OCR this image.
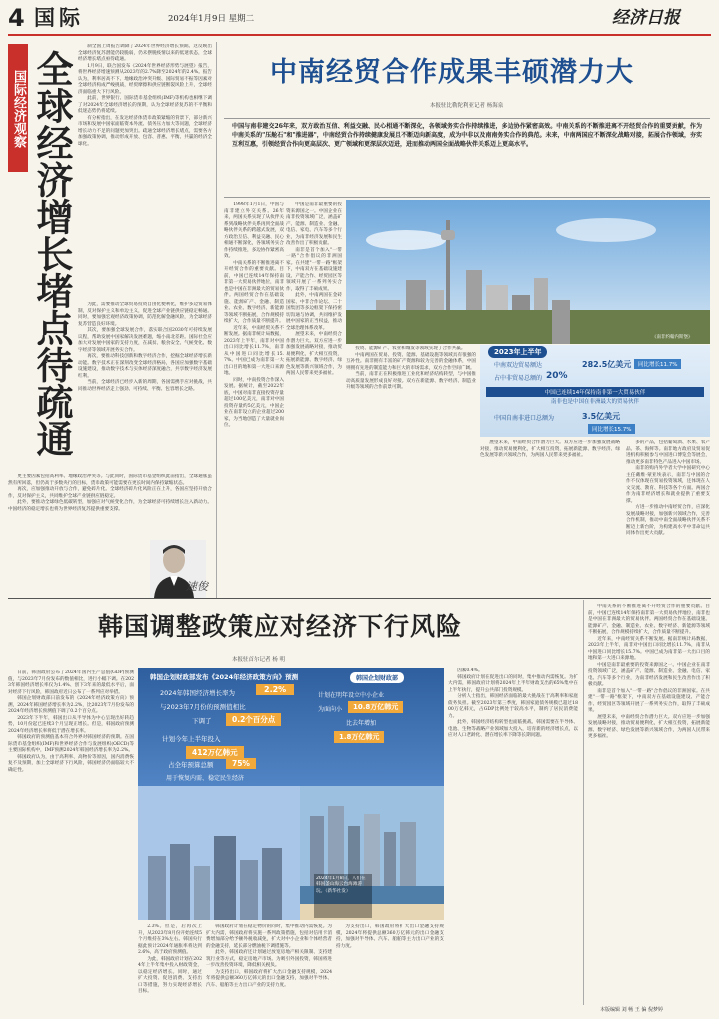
4 国际	2024年1月9日 星期二	经济日报
国际经济观察 全球经济增长堵点待疏通

制全国上周报告调降了2024年世界经济增长预期。这反映出全球经济复苏潜能仍较脆弱，仍未摆脱疫情以来的低迷状态，全球经济增长堵点亟待疏通。

1月9日，联合国发布《2024年世界经济形势与展望》报告，将世界经济增速预测从2023年的2.7%降至2024年的2.4%。报告认为，利率居高不下、地缘政治冲突升级、国际贸易不振等因素对全球经济构成严峻挑战，经贸摩擦和供应链断裂风险上升，全球经济面临重大下行风险。

此前，世界银行、国际货币基金组织(IMF)等机构也相继下调了对2024年全球经济增长的预期，认为全球经济复苏的不平衡和低迷态势仍将延续。

有分析指出，在发达经济体货币政策紧缩的背景下，部分新兴市场和发展中国家面临资本外流、债务压力加大等问题，全球经济增长动力不足的问题更加突出。疏通全球经济增长堵点，需要各方加强政策协调，推动形成开放、包容、普惠、平衡、共赢的经济全球化。

为此，需要推动全球贸易投资自由化便利化，维护多边贸易体制，反对保护主义和单边主义，促进全球产业链供应链稳定畅通。同时，要加强宏观经济政策协调，防范化解金融风险，为全球经济复苏营造良好环境。

其次，要加强全球发展合作，落实联合国2030年可持续发展议程，帮助发展中国家解决发展难题，缩小南北差距。国际社会应加大对发展中国家的支持力度，在减贫、粮食安全、气候变化、数字经济等领域开展务实合作。

再次，要推动科技创新和数字经济合作，挖掘全球经济增长新动能。数字技术正在深刻改变全球经济格局，各国应加强数字基础设施建设，推动数字技术与实体经济深度融合，共享数字经济发展红利。

当前，全球经济已经步入新的周期，各国需携手应对挑战，共同推动世界经济走上强劲、可持续、平衡、包容增长之路。

更主要因素包括高利率、地缘政治冲突等。与此同时，国际货币基金组织此前指出，全球通胀虽然有所回落，但仍高于多数央行的目标，货币政策可能需要在更长时间内保持紧缩状态。

再次，应加强推动开放与合作，避免碎片化。全球经济碎片化风险正在上升，各国应坚持开放合作，反对保护主义，共同维护全球产业链供应链稳定。

此外，要推动全球绿色低碳转型，加强应对气候变化合作，为全球经济可持续增长注入新动力。中国经济的稳定增长也将为世界经济复苏提供重要支撑。

速俊
中南经贸合作成果丰硕潜力大
本报驻比勒陀利亚记者 杨海泉
中国与南非建交26年来，双方政治互信、利益交融、民心相通不断深化，各领域务实合作持续推进，多边协作紧密高效。中南关系的不断推进离不开经贸合作的重要贡献，作为中南关系的"压舱石"和"推进器"，中南经贸合作持续健康发展且不断迈向新高度，成为中非以及南南务实合作的典范。未来，中南两国应不断深化战略对接，拓展合作领域，夯实互利互惠，引领经贸合作向更高层次、更广领域和更深层次迈进，进而推动两国全面战略伙伴关系迈上更高水平。

1998年1月1日，中国与南非建立外交关系。26年来，两国关系实现了从伙伴关系到战略伙伴关系再到全面战略伙伴关系的跨越式发展，双方政治互信、利益交融、民心相通不断深化，各领域务实合作持续推进，多边协作紧密高效。

中南关系的不断推进离不开经贸合作的重要贡献。目前，中国已连续14年保持南非第一大贸易伙伴地位，南非也是中国在非洲最大的贸易伙伴。两国经贸合作在基础设施、能源矿产、金融、制造业、农业、数字经济、新能源等领域不断拓展，合作规模持续扩大，合作质量不断提升。

近年来，中南经贸关系不断发展。据南非统计局数据，2023年上半年，南非对中国出口同比增长11.7%，南非从中国进口同比增长15.7%。中国已成为南非第一大出口目的地和第一大进口来源地。

同时，中南投资合作深入发展。据统计，截至2022年底，中国对南非直接投资存量超过100亿美元，南非对中国投资存量约5亿美元，中国企业在南非设立的企业超过200家，为当地创造了大量就业岗位。

中国是南非最重要的投资来源国之一。中国企业在南非投资领域广泛，涵盖矿产、能源、制造业、金融、电信、家电、汽车等多个行业，为南非经济发展和民生改善作出了积极贡献。

南非是首个加入"一带一路"合作倡议的非洲国家。在共建"一带一路"框架下，中南双方在基础设施建设、产能合作、经贸园区等领域开展了一系列务实合作，取得了丰硕成果。

此外，中南两国在金砖国家、中非合作论坛、二十国集团等多边框架下保持密切沟通与协调，共同维护发展中国家的正当权益，推动全球治理体系改革。

展望未来，中南经贸合作潜力巨大。双方应进一步加强发展战略对接，推动贸易便利化，扩大相互投资，拓展新能源、数字经济、绿色发展等新兴领域合作，为两国人民带来更多福祉。

《南非约翰内斯堡》
2023年上半年
中南双边贸易额达	282.5亿美元	同比增长11.7%
占中非贸易总额的 20%
中国已连续14年保持南非第一大贸易伙伴
南非也是中国在非洲最大的贸易伙伴
中国自南非进口总额为	3.5亿美元
同比增长15.7%

投资、能源矿产、农业和城发等领域实现了合作共赢。

中南两国在贸易、投资、能源、基础设施等领域具有很强的互补性。南非拥有丰富的矿产资源和较为完善的金融体系，中国则拥有先进的制造能力和巨大的市场需求，双方合作空间广阔。

当前，南非正在积极推进工业化和经济结构转型，与中国推动高质量发展形成良好对接。双方在新能源、数字经济、制造业升级等领域的合作前景可期。

多的产品，包括葡萄酒、水果、农产品、茶、海鲜等。南非地方政府及贸易促进机构积极参与中国进口博览会等展会，推动更多南非特色产品进入中国市场。

南非的购内外学者大学中国研究中心主任戴维·蒙亚埃表示，南非与中国的合作不仅体现在贸易投资领域，还体现在人文交流、教育、科技等各个方面。两国合作为南非经济增长和就业提供了重要支撑。

方进一步推动中南经贸合作，应深化发展战略对接，加强新兴领域合作，完善合作机制，推动中南全面战略伙伴关系不断迈上新台阶，为构建高水平中非命运共同体作出更大贡献。

展望未来，中南经贸合作潜力巨大。双方应进一步加强发展战略对接，推动贸易便利化，扩大相互投资，拓展新能源、数字经济、绿色发展等新兴领域合作，为两国人民带来更多福祉。

韩国调整政策应对经济下行风险
本报驻首尔记者 杨 明

日前，韩国政府公布了2024年国内生产总值(GDP)预测值，与2023年7月份发布的数值相比，进行小幅下调。在2023年韩国经济增长率仅为1.4%、创下3年来的最低水平后，面对经济下行风险，韩国政府近日公布了一系列应对举措。

韩国企划财政部日前发布的《2024年经济政策方向》预测，2024年韩国经济增长率为2.2%，比2023年7月份发布的2024年经济增长预测值下调了0.2个百分点。

2023年下半年，韩国出口从半导体为中心呈现出好转趋势，10月份起已连续3个月呈现正增长。但是，韩国政府预测2024年经济增长率将低于潜在增长率。

韩国政府的预测值基本符合外界对韩国经济的预期。在国际货币基金组织(IMF)和世界经济合作与发展组织(OECD)等主要国际机构中，IMF预测2024年韩国经济增长率为2.2%。

韩国政府认为，由于高利率、高物价等原因，国内消费恢复不及预期，加上全球经济下行风险，韩国经济仍面临较大不确定性。

韩国企划财政部发布《2024年经济政策方向》预测
2024年韩国经济增长率为	2.2%
与2023年7月份的预测值相比
下调了	0.2个百分点
计划今年上半年投入
412万亿韩元
占全年预算总额	75%
用于恢复内需、稳定民生经济
韩国企划财政部
计划在明年设立中小企业
为面向小	10.8万亿韩元
比去年增加
1.8万亿韩元
2024年1月8日，人们在韩国釜山海云台海滩游玩。（新华社发）

2.3%。但是，后再次上升，从2023年8月份开始连续5个月维持在3%左右。韩国央行据此预计2024年通胀率将达到2.6%，高于政府预测值。

为此，韩国政府计划在2024年上半年集中投入财政资金，以稳定经济增长。同时，通过扩大投资、促进消费、支持出口等措施，努力实现经济增长目标。

韩国政府计划在稳定物价的同时，集中推动内需恢复。为扩大内需，韩国政府将实施一系列政策措施，包括对信用卡消费增加部分给予额外税收减免，扩大对中小企业和个体经营者的金融支持，延长部分燃油税下调措施等。

此外，韩国政府还计划通过放宽房地产相关限制、支持建筑行业等方式，稳定房地产市场。为吸引外国投资，韩国将进一步改善投资环境，降低相关税负。

为支持出口，韩国政府将扩大出口金融支持规模，2024年将提供总额360万亿韩元的出口金融支持，加强对半导体、汽车、船舶等主力出口产业的支持力度。

为支持出口，韩国政府将扩大出口金融支持规模，2024年将提供总额360万亿韩元的出口金融支持，加强对半导体、汽车、船舶等主力出口产业的支持力度。

因素0.4%。

韩国政府计划在促进出口的同时，集中推动内需恢复。为扩大内需，韩国政府计划将2024年上半年财政支出的65%集中在上半年执行，提升公共部门投资规模。

分析人士指出，韩国经济面临的最大挑战在于高利率和家庭债务负担。截至2023年第三季度，韩国家庭债务规模已超过1800万亿韩元，占GDP比例处于较高水平，制约了居民消费能力。

此外，韩国经济结构转型也面临挑战。韩国需要在半导体、电池、生物等战略产业领域加大投入，培育新的经济增长点，以应对人口老龄化、潜在增长率下降等长期问题。

中南关系的不断推进离不开经贸合作的重要贡献。目前，中国已连续14年保持南非第一大贸易伙伴地位，南非也是中国在非洲最大的贸易伙伴。两国经贸合作在基础设施、能源矿产、金融、制造业、农业、数字经济、新能源等领域不断拓展，合作规模持续扩大，合作质量不断提升。

近年来，中南经贸关系不断发展。据南非统计局数据，2023年上半年，南非对中国出口同比增长11.7%，南非从中国进口同比增长15.7%。中国已成为南非第一大出口目的地和第一大进口来源地。

中国是南非最重要的投资来源国之一。中国企业在南非投资领域广泛，涵盖矿产、能源、制造业、金融、电信、家电、汽车等多个行业，为南非经济发展和民生改善作出了积极贡献。

南非是首个加入"一带一路"合作倡议的非洲国家。在共建"一带一路"框架下，中南双方在基础设施建设、产能合作、经贸园区等领域开展了一系列务实合作，取得了丰硕成果。

展望未来，中南经贸合作潜力巨大。双方应进一步加强发展战略对接，推动贸易便利化，扩大相互投资，拓展新能源、数字经济、绿色发展等新兴领域合作，为两国人民带来更多福祉。

本版编辑 刘 畅 王 偏 倪梦婷
